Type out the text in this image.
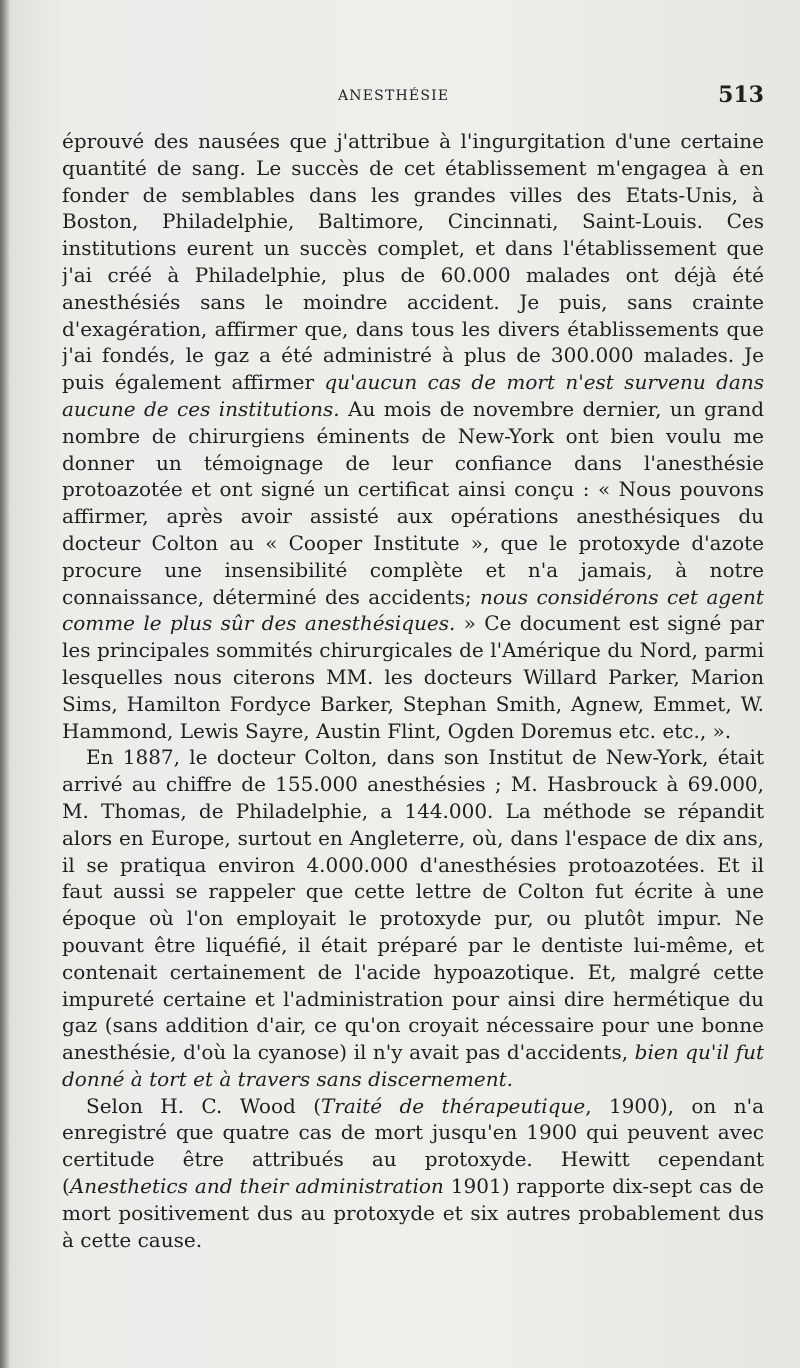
ANESTHÉSIE	513

éprouvé des nausées que j'attribue à l'ingurgitation d'une certaine quantité de sang. Le succès de cet établissement m'engagea à en fonder de semblables dans les grandes villes des Etats-Unis, à Boston, Philadelphie, Baltimore, Cincinnati, Saint-Louis. Ces institutions eurent un succès complet, et dans l'établissement que j'ai créé à Philadelphie, plus de 60.000 malades ont déjà été anesthésiés sans le moindre accident. Je puis, sans crainte d'exagération, affirmer que, dans tous les divers établissements que j'ai fondés, le gaz a été administré à plus de 300.000 malades. Je puis également affirmer qu'aucun cas de mort n'est survenu dans aucune de ces institutions. Au mois de novembre dernier, un grand nombre de chirurgiens éminents de New-York ont bien voulu me donner un témoignage de leur confiance dans l'anesthésie protoazotée et ont signé un certificat ainsi conçu : « Nous pouvons affirmer, après avoir assisté aux opérations anesthésiques du docteur Colton au « Cooper Institute », que le protoxyde d'azote procure une insensibilité complète et n'a jamais, à notre connaissance, déterminé des accidents; nous considérons cet agent comme le plus sûr des anesthésiques. » Ce document est signé par les principales sommités chirurgicales de l'Amérique du Nord, parmi lesquelles nous citerons MM. les docteurs Willard Parker, Marion Sims, Hamilton Fordyce Barker, Stephan Smith, Agnew, Emmet, W. Hammond, Lewis Sayre, Austin Flint, Ogden Doremus etc. etc., ».

En 1887, le docteur Colton, dans son Institut de New-York, était arrivé au chiffre de 155.000 anesthésies ; M. Hasbrouck à 69.000, M. Thomas, de Philadelphie, a 144.000. La méthode se répandit alors en Europe, surtout en Angleterre, où, dans l'espace de dix ans, il se pratiqua environ 4.000.000 d'anesthésies protoazotées. Et il faut aussi se rappeler que cette lettre de Colton fut écrite à une époque où l'on employait le protoxyde pur, ou plutôt impur. Ne pouvant être liquéfié, il était préparé par le dentiste lui-même, et contenait certainement de l'acide hypoazotique. Et, malgré cette impureté certaine et l'administration pour ainsi dire hermétique du gaz (sans addition d'air, ce qu'on croyait nécessaire pour une bonne anesthésie, d'où la cyanose) il n'y avait pas d'accidents, bien qu'il fut donné à tort et à travers sans discernement.

Selon H. C. Wood (Traité de thérapeutique, 1900), on n'a enregistré que quatre cas de mort jusqu'en 1900 qui peuvent avec certitude être attribués au protoxyde. Hewitt cependant (Anesthetics and their administration 1901) rapporte dix-sept cas de mort positivement dus au protoxyde et six autres probablement dus à cette cause.
